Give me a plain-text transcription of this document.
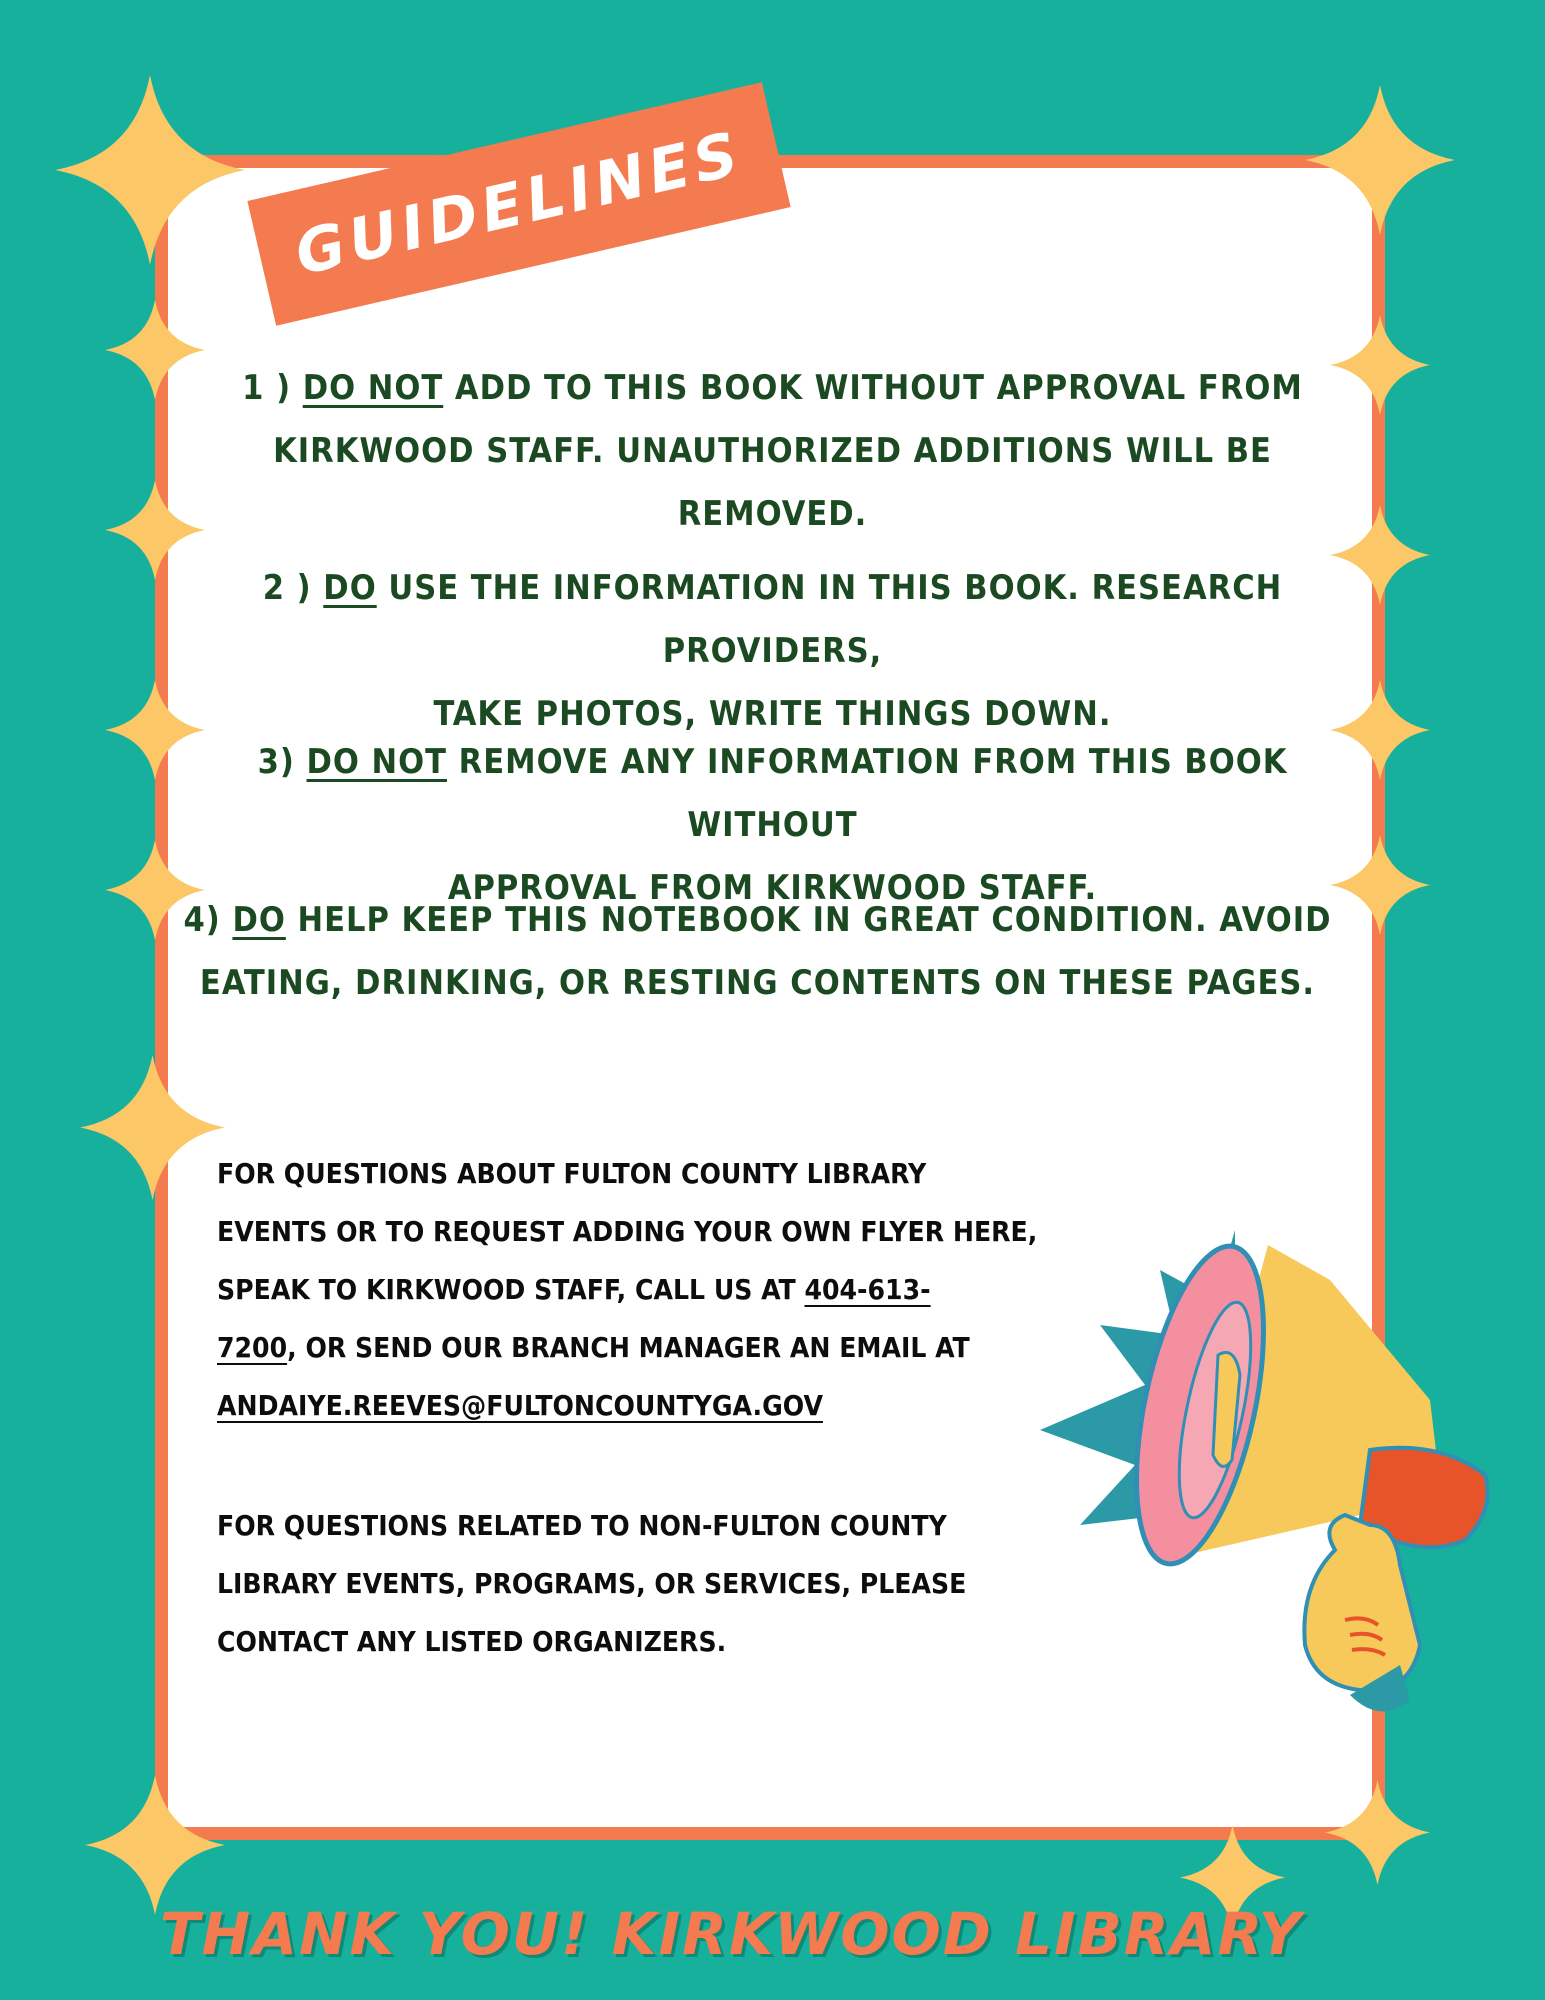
GUIDELINES
1 ) DO NOT ADD TO THIS BOOK WITHOUT APPROVAL FROM
KIRKWOOD STAFF. UNAUTHORIZED ADDITIONS WILL BE REMOVED.
2 ) DO USE THE INFORMATION IN THIS BOOK. RESEARCH PROVIDERS,
TAKE PHOTOS, WRITE THINGS DOWN.
3) DO NOT REMOVE ANY INFORMATION FROM THIS BOOK WITHOUT
APPROVAL FROM KIRKWOOD STAFF.
4) DO HELP KEEP THIS NOTEBOOK IN GREAT CONDITION. AVOID
EATING, DRINKING, OR RESTING CONTENTS ON THESE PAGES.
FOR QUESTIONS ABOUT FULTON COUNTY LIBRARY
EVENTS OR TO REQUEST ADDING YOUR OWN FLYER HERE,
SPEAK TO KIRKWOOD STAFF, CALL US AT 404-613-
7200, OR SEND OUR BRANCH MANAGER AN EMAIL AT
ANDAIYE.REEVES@FULTONCOUNTYGA.GOV
FOR QUESTIONS RELATED TO NON-FULTON COUNTY
LIBRARY EVENTS, PROGRAMS, OR SERVICES, PLEASE
CONTACT ANY LISTED ORGANIZERS.
THANK YOU! KIRKWOOD LIBRARY
